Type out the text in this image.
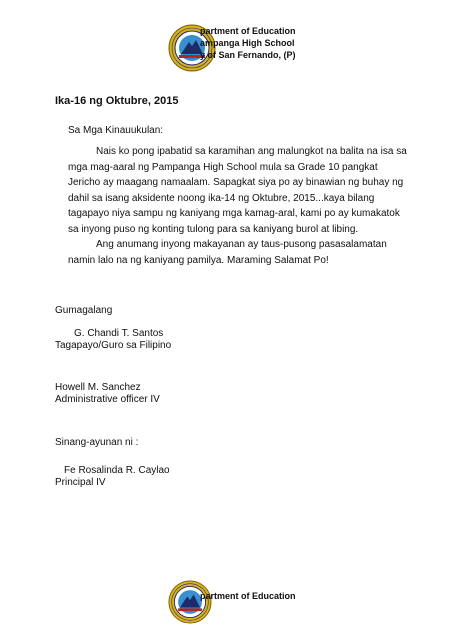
partment of Education
ampanga High School
y of San Fernando, (P)
Ika-16 ng Oktubre, 2015
Sa Mga Kinauukulan:

Nais ko pong ipabatid sa karamihan ang malungkot na balita na isa sa mga mag-aaral ng Pampanga High School mula sa Grade 10 pangkat Jericho ay maagang namaalam. Sapagkat siya po ay binawian ng buhay ng dahil sa isang aksidente noong ika-14 ng Oktubre, 2015...kaya bilang tagapayo niya sampu ng kaniyang mga kamag-aral, kami po ay kumakatok sa inyong puso ng konting tulong para sa kaniyang burol at libing.

Ang anumang inyong makayanan ay taus-pusong pasasalamatan namin lalo na ng kaniyang pamilya. Maraming Salamat Po!

Gumagalang
G. Chandi T. Santos
Tagapayo/Guro sa Filipino
Howell M. Sanchez
Administrative officer IV
Sinang-ayunan ni :
Fe Rosalinda R. Caylao
Principal IV
partment of Education
